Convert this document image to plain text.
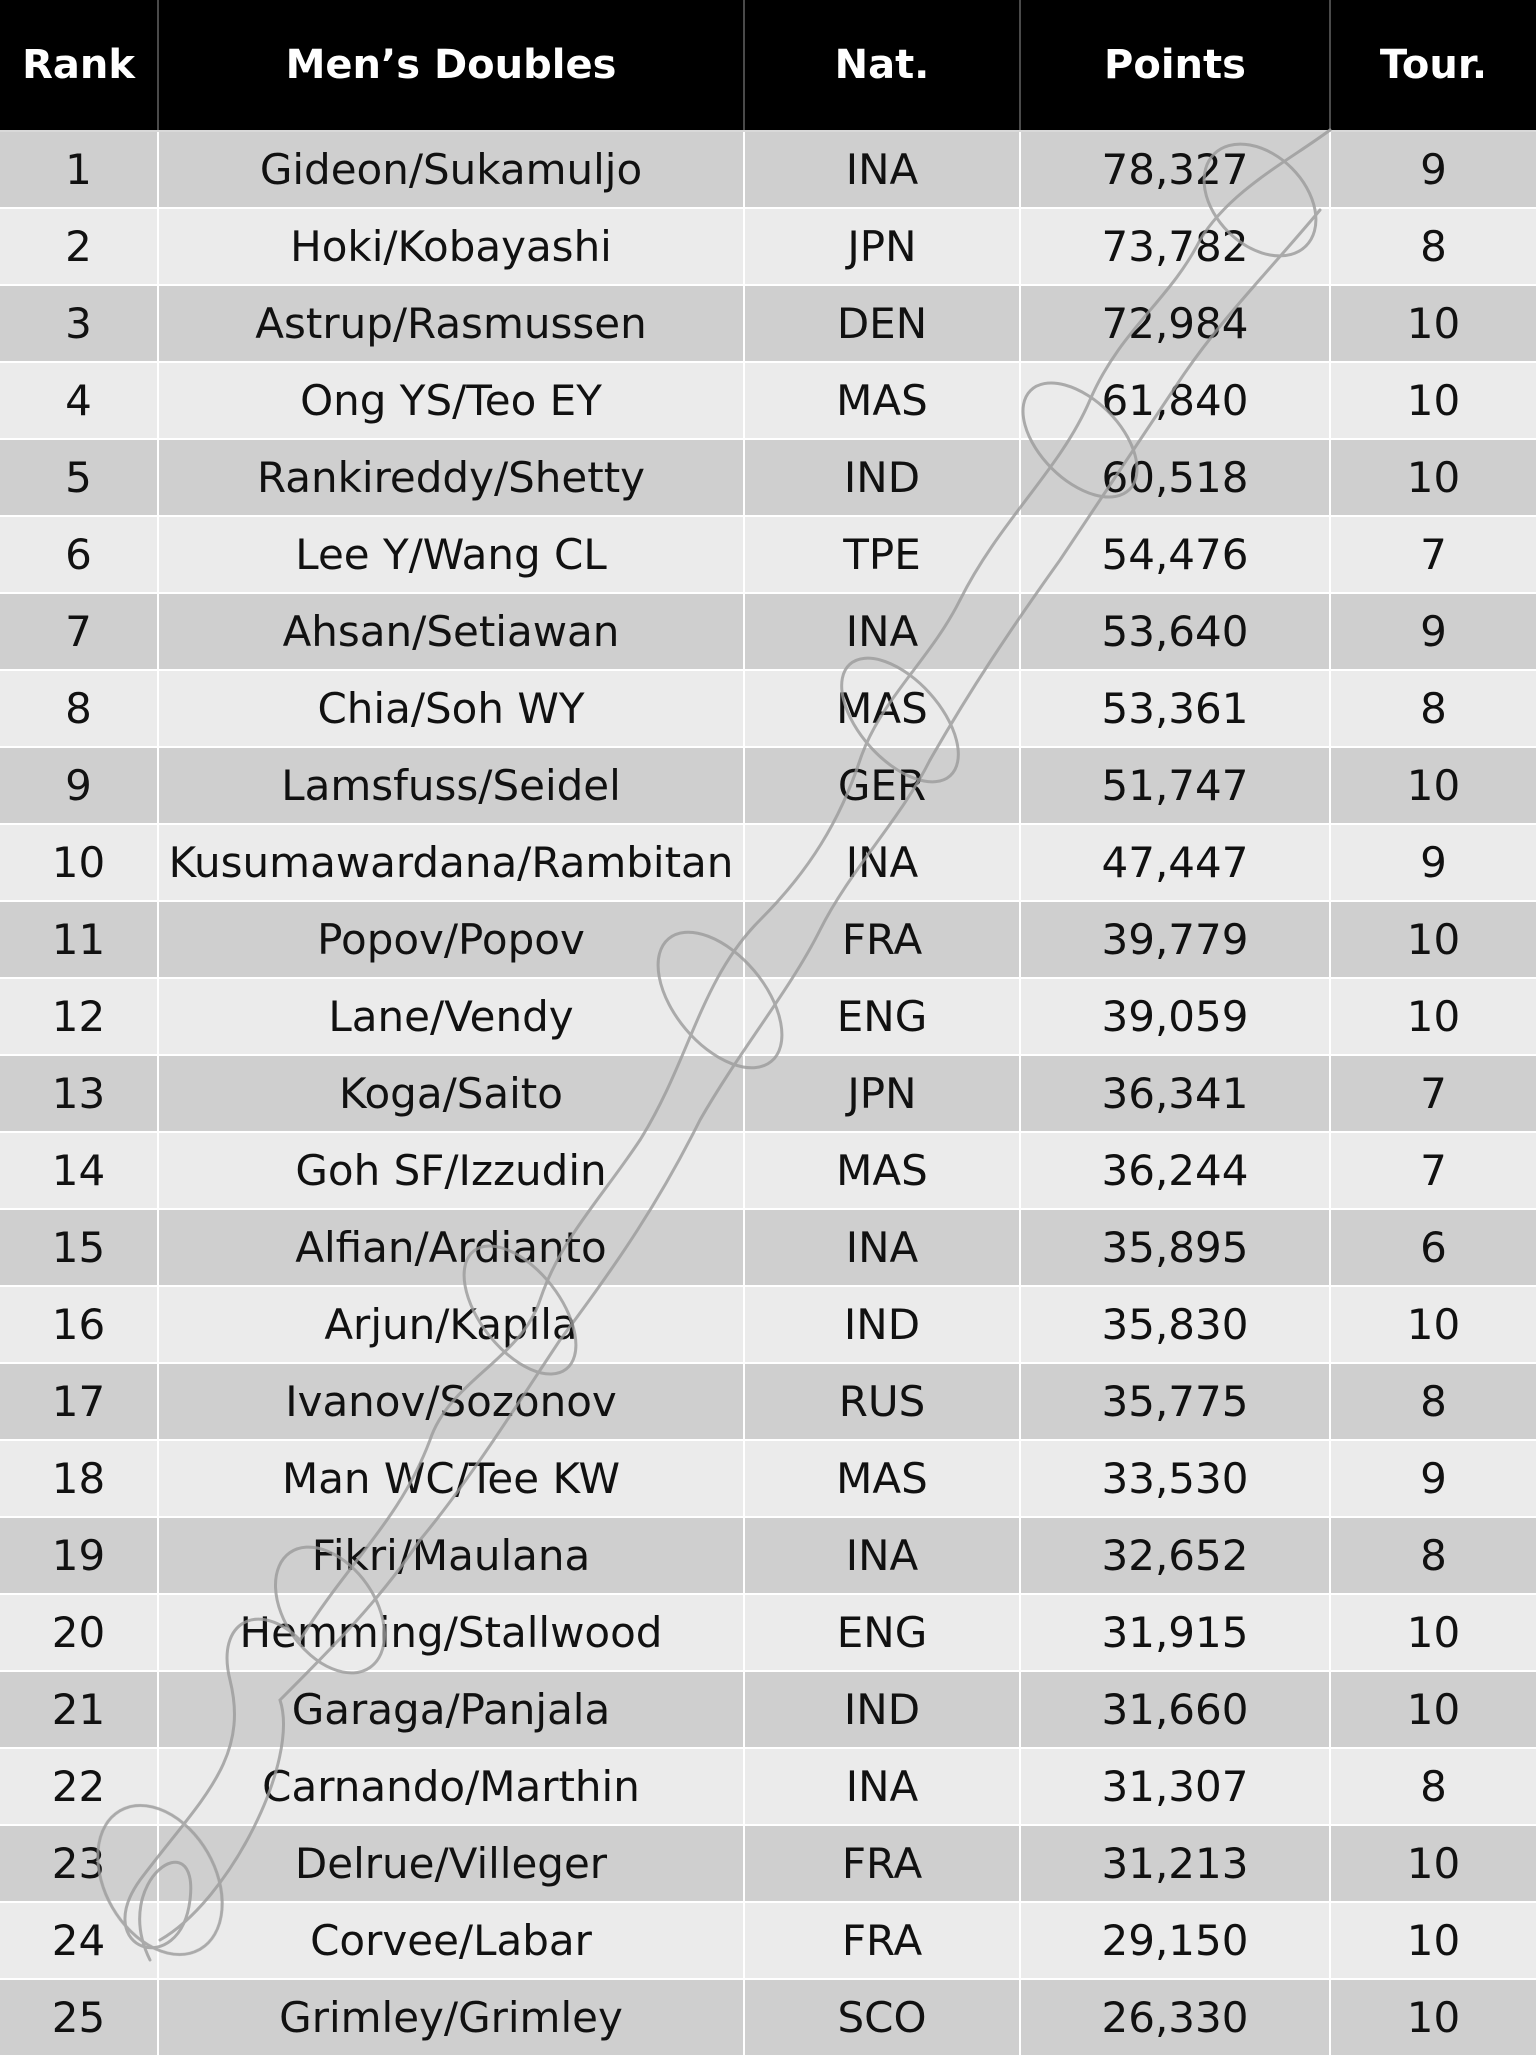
Rank	Men’s Doubles	Nat.	Points	Tour.
1	Gideon/Sukamuljo	INA	78,327	9
2	Hoki/Kobayashi	JPN	73,782	8
3	Astrup/Rasmussen	DEN	72,984	10
4	Ong YS/Teo EY	MAS	61,840	10
5	Rankireddy/Shetty	IND	60,518	10
6	Lee Y/Wang CL	TPE	54,476	7
7	Ahsan/Setiawan	INA	53,640	9
8	Chia/Soh WY	MAS	53,361	8
9	Lamsfuss/Seidel	GER	51,747	10
10	Kusumawardana/Rambitan	INA	47,447	9
11	Popov/Popov	FRA	39,779	10
12	Lane/Vendy	ENG	39,059	10
13	Koga/Saito	JPN	36,341	7
14	Goh SF/Izzudin	MAS	36,244	7
15	Alfian/Ardianto	INA	35,895	6
16	Arjun/Kapila	IND	35,830	10
17	Ivanov/Sozonov	RUS	35,775	8
18	Man WC/Tee KW	MAS	33,530	9
19	Fikri/Maulana	INA	32,652	8
20	Hemming/Stallwood	ENG	31,915	10
21	Garaga/Panjala	IND	31,660	10
22	Carnando/Marthin	INA	31,307	8
23	Delrue/Villeger	FRA	31,213	10
24	Corvee/Labar	FRA	29,150	10
25	Grimley/Grimley	SCO	26,330	10
